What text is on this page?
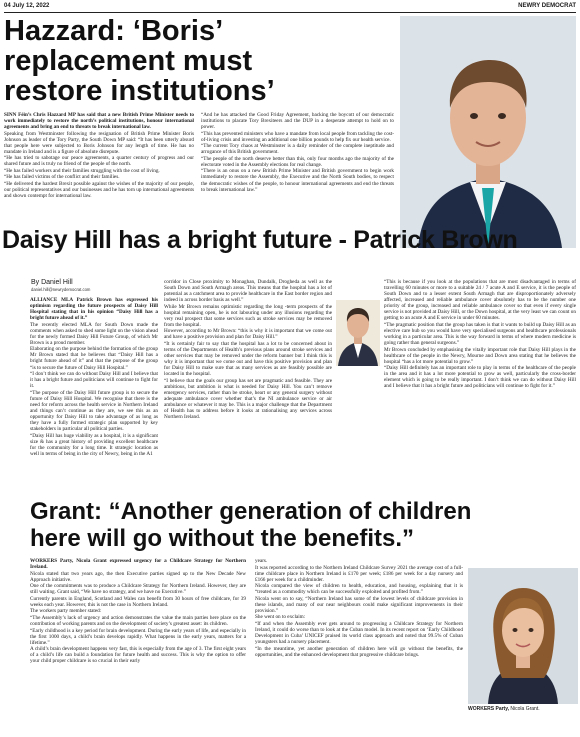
04 July 12, 2022	NEWRY DEMOCRAT
Hazzard: ‘Boris’
replacement must
restore institutions’

SINN Féin’s Chris Hazzard MP has said that a new British Prime Minister needs to work immediately to restore the north’s political institutions, honour international agreements and bring an end to threats to break international law.

Speaking from Westminster following the resignation of British Prime Minister Boris Johnson as leader of the Tory Party, the South Down MP said: “It has been utterly absurd that people here were subjected to Boris Johnson for any length of time. He has no mandate in Ireland and is a figure of absolute disrepute.

“He has tried to sabotage our peace agreements, a quarter century of progress and our shared future and is truly no friend of the people of the north.

“He has failed workers and their families struggling with the cost of living.

“He has failed victims of the conflict and their families.

“He delivered the hardest Brexit possible against the wishes of the majority of our people, our political representatives and our businesses and he has torn up international agreements and shown contempt for international law.

“And he has attacked the Good Friday Agreement, backing the boycott of our democratic institutions to placate Tory Brexiteers and the DUP in a desperate attempt to hold on to power.

“This has prevented ministers who have a mandate from local people from tackling the cost-of-living crisis and investing an additional one billion pounds to help fix our health service.

“The current Tory chaos at Westminster is a daily reminder of the complete ineptitude and arrogance of this British government.

“The people of the north deserve better than this, only four months ago the majority of the electorate voted in the Assembly elections for real change.

“There is an onus on a new British Prime Minister and British government to begin work immediately to restore the Assembly, the Executive and the North South bodies, to respect the democratic wishes of the people, to honour international agreements and end the threats to break international law.”

Daisy Hill has a bright future - Patrick Brown
By Daniel Hill
daniel.hill@newrydemocrat.com

ALLIANCE MLA Patrick Brown has expressed his optimism regarding the future prospects of Daisy Hill Hospital stating that in his opinion “Daisy Hill has a bright future ahead of it.”

The recently elected MLA for South Down made the comments when asked to shed some light on the vision ahead for the newly formed Daisy Hill Future Group, of which Mr Brown is a proud member.

Elaborating on the purpose behind the formation of the group Mr Brown stated that he believes that “Daisy Hill has a bright future ahead of it” and that the purpose of the group “is to secure the future of Daisy Hill Hospital.”

“I don’t think we can do without Daisy Hill and I believe that it has a bright future and politicians will continue to fight for it.

“The purpose of the Daisy Hill future group is to secure the future of Daisy Hill Hospital. We recognise that there is the need for reform across the health service in Northern Ireland and things can’t continue as they are, we see this as an opportunity for Daisy Hill to take advantage of as long as they have a fully formed strategic plan supported by key stakeholders in particular all political parties.

“Daisy Hill has huge viability as a hospital, it is a significant size & has a great history of providing excellent healthcare for the community for a long time. It strategic location as well in terms of being in the city of Newry, being in the A1

corridor in Close proximity to Monaghan, Dundalk, Drogheda as well as the South Down and South Armagh areas. This means that the hospital has a lot of potential as a catchment area to provide healthcare in the East border region and indeed in across border basis as well.”

While Mr Brown remains optimistic regarding the long -term prospects of the hospital remaining open, he is not labouring under any illusions regarding the very real prospect that some services such as stroke services may be removed from the hospital.

However, according to Mr Brown: “this is why it is important that we come out and have a positive provision and plan for Daisy Hill.”

“It is certainly fair to say that the hospital has a lot to be concerned about in terms of the Departments of Health’s previous plans around stroke services and other services that may be removed under the reform banner but I think this is why it is important that we come out and have this positive provision and plan for Daisy Hill to make sure that as many services as are feasibly possible are located in the hospital.

“I believe that the goals our group has set are pragmatic and feasible. They are ambitious, but ambition is what is needed for Daisy Hill. You can’t remove emergency services, rather than be stroke, heart or any general surgery without adequate ambulance cover whether that’s the NI ambulance service or air ambulance or whatever it may be. This is a major challenge that the Department of Health has to address before it looks at rationalising any services across Northern Ireland.

“This is because if you look at the populations that are most disadvantaged in terms of travelling 60 minutes or more to a suitable 24 / 7 acute A and E service, it is the people of South Down and to a lesser extent South Armagh that are disproportionately adversely affected, increased and reliable ambulance cover absolutely has to be the number one priority of the group, increased and reliable ambulance cover so that even if every single service is not provided at Daisy Hill, or the Down hospital, at the very least we can count on getting to an acute A and E service in under 60 minutes.

“The pragmatic position that the group has taken is that it wants to build up Daisy Hill as an elective care hub so you would have very specialised surgeons and healthcare professionals working in a particular area. This is the way forward in terms of where modern medicine is going rather than general surgeons.”

Mr Brown concluded by emphasising the vitally important role that Daisy Hill plays in the healthcare of the people in the Newry, Mourne and Down area stating that he believes the hospital “has a lot more potential to grow.”

“Daisy Hill definitely has an important role to play in terms of the healthcare of the people in the area and it has a lot more potential to grow as well, particularly the cross-border element which is going to be really important. I don’t think we can do without Daisy Hill and I believe that it has a bright future and politicians will continue to fight for it.”

Grant: “Another generation of children
here will go without the benefits.”

WORKERS Party, Nicola Grant expressed urgency for a Childcare Strategy for Northern Ireland.

Nicola stated that two years ago, the then Executive parties signed up to the New Decade New Approach initiative.

One of the commitments was to produce a Childcare Strategy for Northern Ireland. However, they are still waiting. Grant said, “We have no strategy, and we have no Executive.”

Currently parents in England, Scotland and Wales can benefit from 30 hours of free childcare, for 39 weeks each year. However, this is not the case in Northern Ireland.

The workers party member stated:

“The Assembly’s lack of urgency and action demonstrates the value the main parties here place on the contribution of working parents and on the development of society’s greatest asset: its children.

“Early childhood is a key period for brain development. During the early years of life, and especially in the first 1000 days, a child’s brain develops rapidly. What happens in the early years, matters for a lifetime.”

A child’s brain development happens very fast, this is especially from the age of 3. The first eight years of a child’s life can build a foundation for future health and success. This is why the option to offer your child proper childcare is so crucial in their early

years.

It was reported according to the Northern Ireland Childcare Survey 2021 the average cost of a full-time childcare place in Northern Ireland is £170 per week; £186 per week for a day nursery and £166 per week for a childminder.

Nicola compared the view of children to health, education, and housing, explaining that it is “treated as a commodity which can be successfully exploited and profited from.”

Nicola went on to say, “Northern Ireland has some of the lowest levels of childcare provision in these islands, and many of our near neighbours could make significant improvements in their provision.”

She went on to exclaim:

“If and when the Assembly ever gets around to progressing a Childcare Strategy for Northern Ireland, it could do worse than to look at the Cuban model. In its recent report on ‘Early Childhood Development in Cuba’ UNICEF praised its world class approach and noted that 99.5% of Cuban youngsters had a nursery placement.

“In the meantime, yet another generation of children here will go without the benefits, the opportunities, and the enhanced development that progressive childcare brings.

WORKERS Party, Nicola Grant.
